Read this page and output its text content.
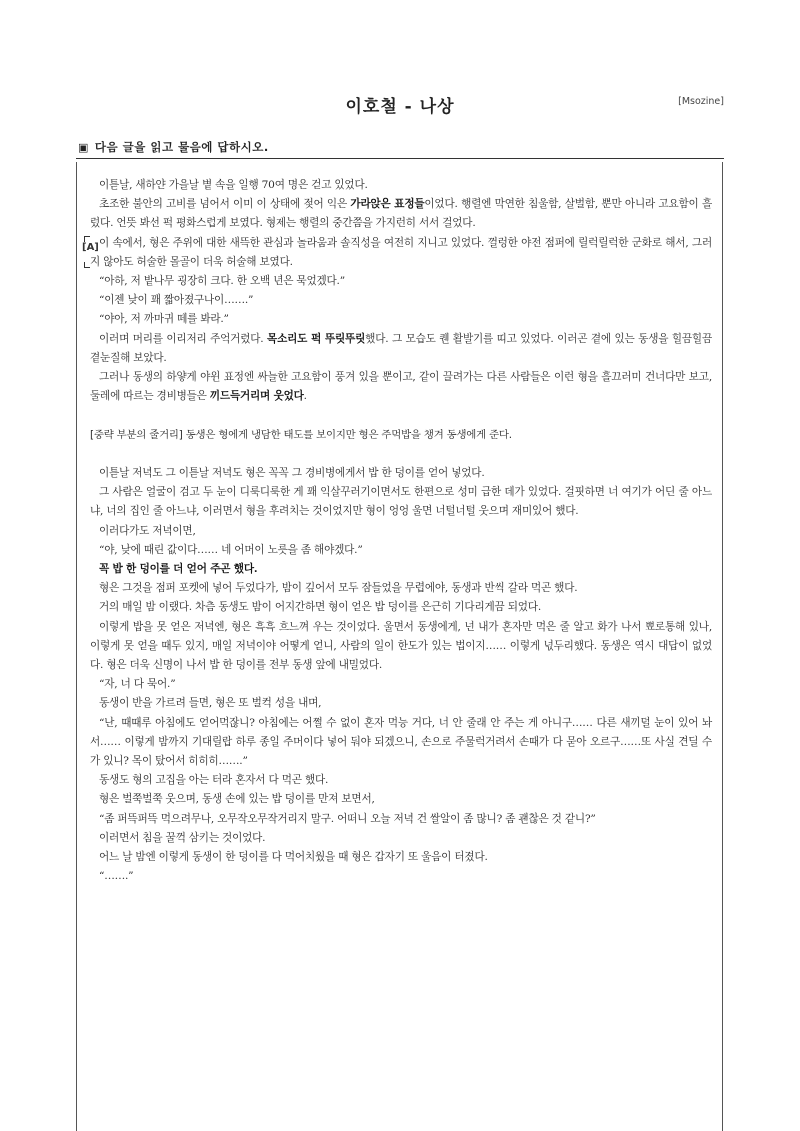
이호철 - 나상	[Msozine]
▣ 다음 글을 읽고 물음에 답하시오.
[A]

이튿날, 새하얀 가을날 볕 속을 일행 70여 명은 걷고 있었다.

초조한 불안의 고비를 넘어서 이미 이 상태에 젖어 익은 가라앉은 표정들이었다. 행렬엔 막연한 침울함, 살벌함, 뿐만 아니라 고요함이 흘렀다. 언뜻 봐선 퍽 평화스럽게 보였다. 형제는 행렬의 중간쯤을 가지런히 서서 걸었다.

이 속에서, 형은 주위에 대한 새뜩한 관심과 놀라움과 솔직성을 여전히 지니고 있었다. 껄렁한 야전 점퍼에 릴럭릴럭한 군화로 해서, 그러지 않아도 허술한 몰골이 더욱 허술해 보였다.

“아하, 저 밭나무 굉장히 크다. 한 오백 년은 묵었겠다.”

“이젠 낮이 꽤 짧아졌구나이…….”

“야아, 저 까마귀 떼를 봐라.”

이러며 머리를 이리저리 주억거렸다. 목소리도 퍽 뚜릿뚜릿했다. 그 모습도 퀜 활발기를 띠고 있었다. 이러곤 곁에 있는 동생을 힐끔힐끔 곁눈질해 보았다.

그러나 동생의 하얗게 야윈 표정엔 싸늘한 고요함이 풍겨 있을 뿐이고, 같이 끌려가는 다른 사람들은 이런 형을 흘끄러미 건너다만 보고, 둘레에 따르는 경비병들은 끼드득거리며 웃었다.

[중략 부분의 줄거리] 동생은 형에게 냉담한 태도를 보이지만 형은 주먹밥을 챙겨 동생에게 준다.

이튿날 저녁도 그 이튿날 저녁도 형은 꼭꼭 그 경비병에게서 밥 한 덩이를 얻어 넣었다.

그 사람은 얼굴이 검고 두 눈이 디룩디룩한 게 꽤 익살꾸러기이면서도 한편으로 성미 급한 데가 있었다. 걸핏하면 너 여기가 어딘 줄 아느냐, 너의 집인 줄 아느냐, 이러면서 형을 후려치는 것이었지만 형이 엉엉 울면 너털너털 웃으며 재미있어 했다.

이러다가도 저녁이면,

“야, 낮에 때린 값이다…… 네 어머이 노릇을 좀 해야겠다.”

꼭 밥 한 덩이를 더 얻어 주곤 했다.

형은 그것을 점퍼 포켓에 넣어 두었다가, 밤이 깊어서 모두 잠들었을 무렵에야, 동생과 반씩 갈라 먹곤 했다.

거의 매일 밤 이랬다. 차츰 동생도 밤이 어지간하면 형이 얻은 밥 덩이를 은근히 기다리게끔 되었다.

이렇게 밥을 못 얻은 저녁엔, 형은 흑흑 흐느껴 우는 것이었다. 울면서 동생에게, 넌 내가 혼자만 먹은 줄 알고 화가 나서 뾰로통해 있나, 이렇게 못 얻을 때두 있지, 매일 저녁이야 어떻게 얻니, 사람의 일이 한도가 있는 법이지…… 이렇게 넋두리했다. 동생은 역시 대답이 없었다. 형은 더욱 신명이 나서 밥 한 덩이를 전부 동생 앞에 내밀었다.

“자, 너 다 묵어.”

동생이 반을 가르려 들면, 형은 또 벌컥 성을 내며,

“난, 때때루 아침에도 얻어먹잖니? 아침에는 어쩔 수 없이 혼자 먹능 거다, 너 안 줄래 안 주는 게 아니구…… 다른 새끼덜 눈이 있어 놔서…… 이렇게 밤까지 기대릴랍 하루 종일 주머이다 넣어 둬야 되겠으니, 손으로 주물럭거려서 손때가 다 묻아 오르구……또 사실 견딜 수가 있니? 목이 탔어서 히히히…….”

동생도 형의 고집을 아는 터라 혼자서 다 먹곤 했다.

형은 벌쭉벌쭉 웃으며, 동생 손에 있는 밥 덩이를 만져 보면서,

“좀 퍼뜩퍼뜩 먹으려무나, 오무작오무작거리지 말구. 어떠니 오늘 저녁 건 쌀알이 좀 많니? 좀 괜찮은 것 같니?”

이러면서 침을 꿀꺽 삼키는 것이었다.

어느 날 밤엔 이렇게 동생이 한 덩이를 다 먹어치웠을 때 형은 갑자기 또 울음이 터졌다.

“…….”
